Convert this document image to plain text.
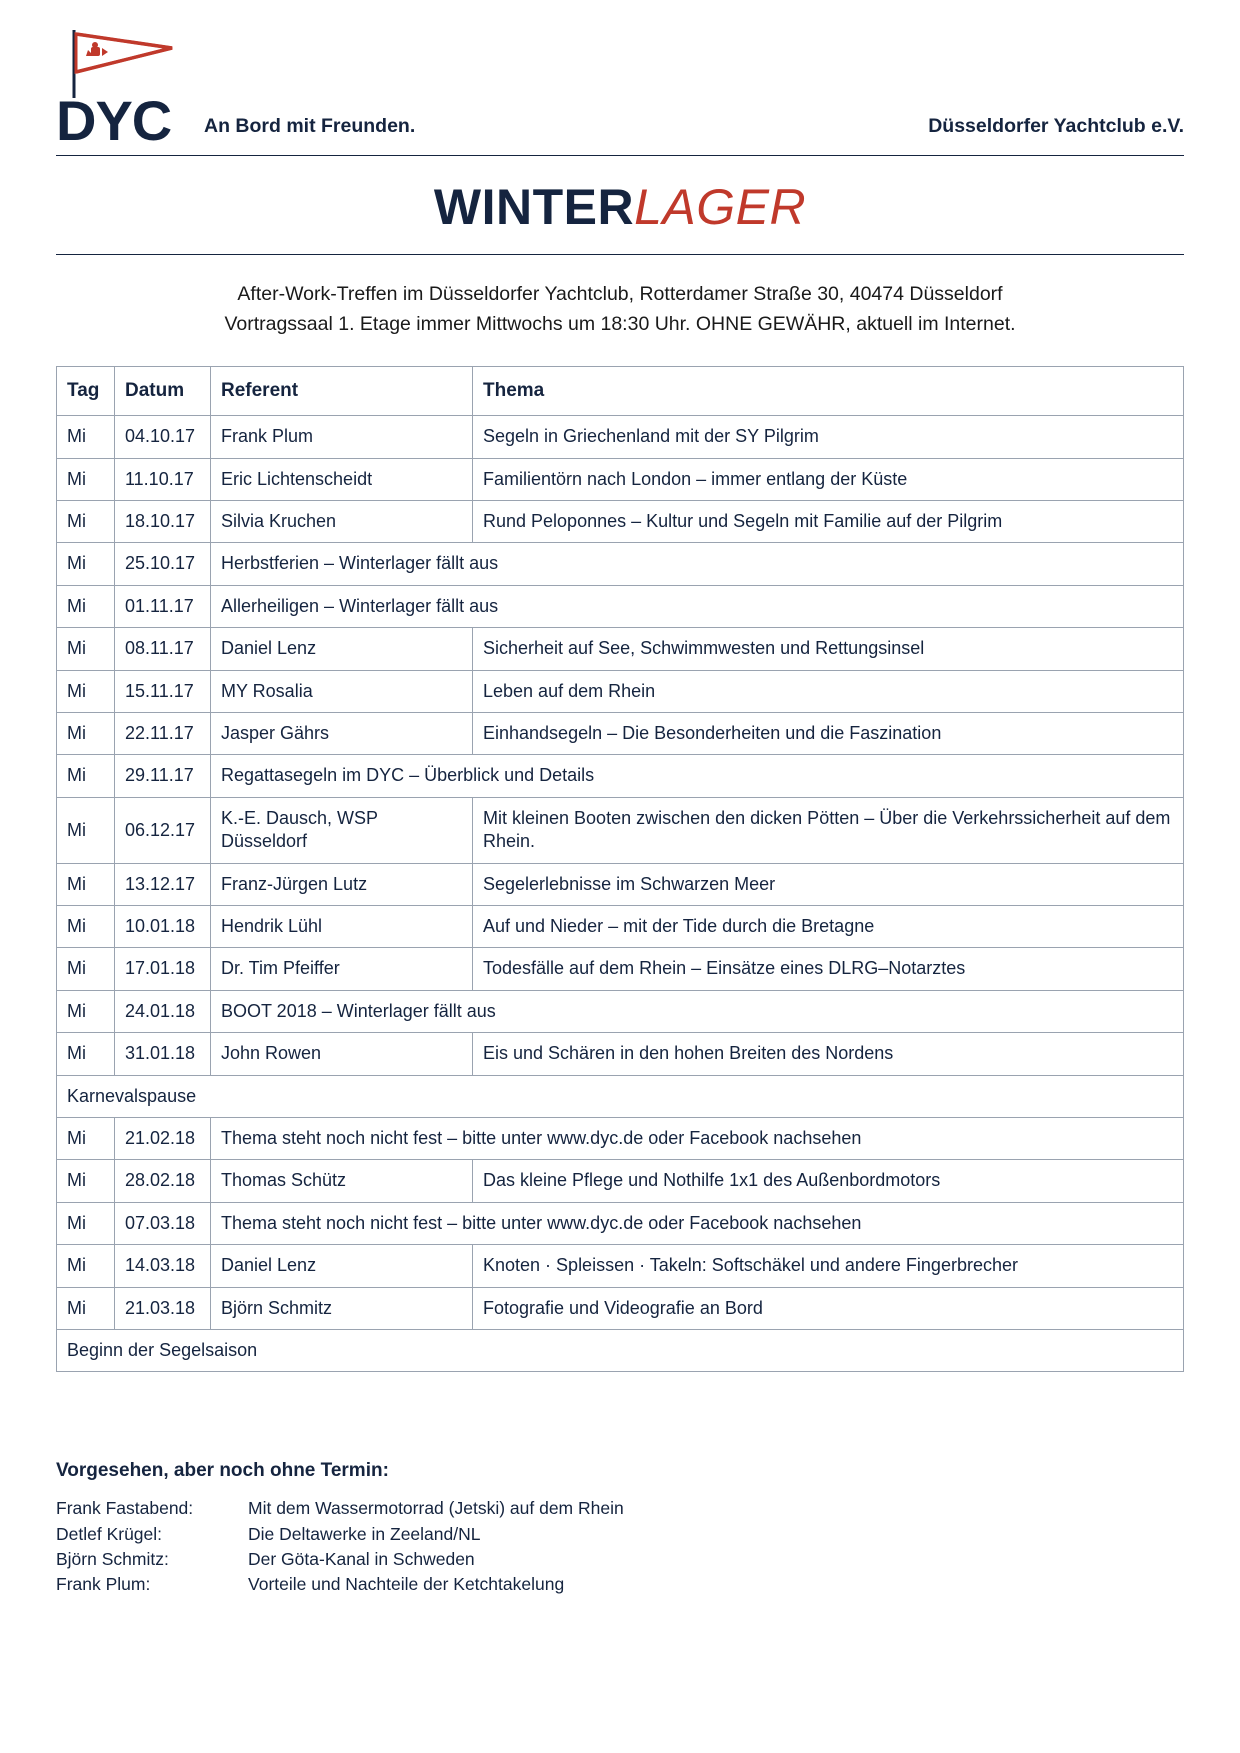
DYC An Bord mit Freunden.	Düsseldorfer Yachtclub e.V.
WINTERLAGER
After-Work-Treffen im Düsseldorfer Yachtclub, Rotterdamer Straße 30, 40474 Düsseldorf
Vortragssaal 1. Etage immer Mittwochs um 18:30 Uhr. OHNE GEWÄHR, aktuell im Internet.
Tag	Datum	Referent	Thema
Mi	04.10.17	Frank Plum	Segeln in Griechenland mit der SY Pilgrim
Mi	11.10.17	Eric Lichtenscheidt	Familientörn nach London – immer entlang der Küste
Mi	18.10.17	Silvia Kruchen	Rund Peloponnes – Kultur und Segeln mit Familie auf der Pilgrim
Mi	25.10.17	Herbstferien – Winterlager fällt aus	
Mi	01.11.17	Allerheiligen – Winterlager fällt aus	
Mi	08.11.17	Daniel Lenz	Sicherheit auf See, Schwimmwesten und Rettungsinsel
Mi	15.11.17	MY Rosalia	Leben auf dem Rhein
Mi	22.11.17	Jasper Gährs	Einhandsegeln – Die Besonderheiten und die Faszination
Mi	29.11.17	Regattasegeln im DYC – Überblick und Details	
Mi	06.12.17	K.-E. Dausch, WSP Düsseldorf	Mit kleinen Booten zwischen den dicken Pötten – Über die Verkehrssicherheit auf dem Rhein.
Mi	13.12.17	Franz-Jürgen Lutz	Segelerlebnisse im Schwarzen Meer
Mi	10.01.18	Hendrik Lühl	Auf und Nieder – mit der Tide durch die Bretagne
Mi	17.01.18	Dr. Tim Pfeiffer	Todesfälle auf dem Rhein – Einsätze eines DLRG–Notarztes
Mi	24.01.18	BOOT 2018 – Winterlager fällt aus	
Mi	31.01.18	John Rowen	Eis und Schären in den hohen Breiten des Nordens
Karnevalspause			
Mi	21.02.18	Thema steht noch nicht fest – bitte unter www.dyc.de oder Facebook nachsehen	
Mi	28.02.18	Thomas Schütz	Das kleine Pflege und Nothilfe 1x1 des Außenbordmotors
Mi	07.03.18	Thema steht noch nicht fest – bitte unter www.dyc.de oder Facebook nachsehen	
Mi	14.03.18	Daniel Lenz	Knoten · Spleissen · Takeln: Softschäkel und andere Fingerbrecher
Mi	21.03.18	Björn Schmitz	Fotografie und Videografie an Bord
Beginn der Segelsaison			
Vorgesehen, aber noch ohne Termin:
Frank Fastabend:	Mit dem Wassermotorrad (Jetski) auf dem Rhein
Detlef Krügel:	Die Deltawerke in Zeeland/NL
Björn Schmitz:	Der Göta-Kanal in Schweden
Frank Plum:	Vorteile und Nachteile der Ketchtakelung
